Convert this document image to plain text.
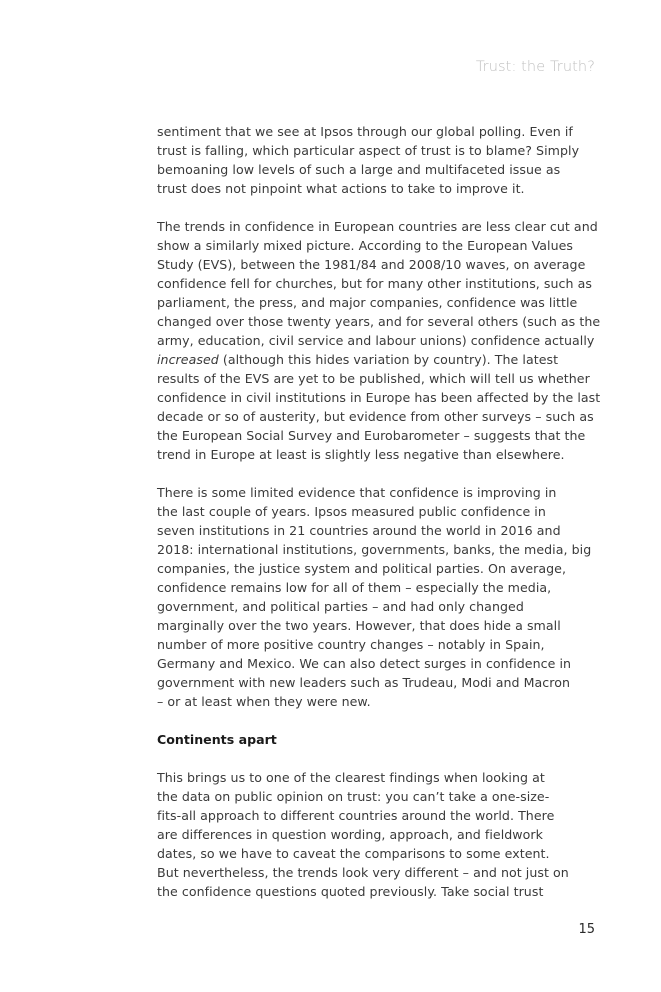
Trust: the Truth?
sentiment that we see at Ipsos through our global polling. Even if
trust is falling, which particular aspect of trust is to blame? Simply
bemoaning low levels of such a large and multifaceted issue as
trust does not pinpoint what actions to take to improve it.
The trends in confidence in European countries are less clear cut and
show a similarly mixed picture. According to the European Values
Study (EVS), between the 1981/84 and 2008/10 waves, on average
confidence fell for churches, but for many other institutions, such as
parliament, the press, and major companies, confidence was little
changed over those twenty years, and for several others (such as the
army, education, civil service and labour unions) confidence actually
increased (although this hides variation by country). The latest
results of the EVS are yet to be published, which will tell us whether
confidence in civil institutions in Europe has been affected by the last
decade or so of austerity, but evidence from other surveys – such as
the European Social Survey and Eurobarometer – suggests that the
trend in Europe at least is slightly less negative than elsewhere.
There is some limited evidence that confidence is improving in
the last couple of years. Ipsos measured public confidence in
seven institutions in 21 countries around the world in 2016 and
2018: international institutions, governments, banks, the media, big
companies, the justice system and political parties. On average,
confidence remains low for all of them – especially the media,
government, and political parties – and had only changed
marginally over the two years. However, that does hide a small
number of more positive country changes – notably in Spain,
Germany and Mexico. We can also detect surges in confidence in
government with new leaders such as Trudeau, Modi and Macron
– or at least when they were new.
Continents apart
This brings us to one of the clearest findings when looking at
the data on public opinion on trust: you can’t take a one-size-
fits-all approach to different countries around the world. There
are differences in question wording, approach, and fieldwork
dates, so we have to caveat the comparisons to some extent.
But nevertheless, the trends look very different – and not just on
the confidence questions quoted previously. Take social trust
15
